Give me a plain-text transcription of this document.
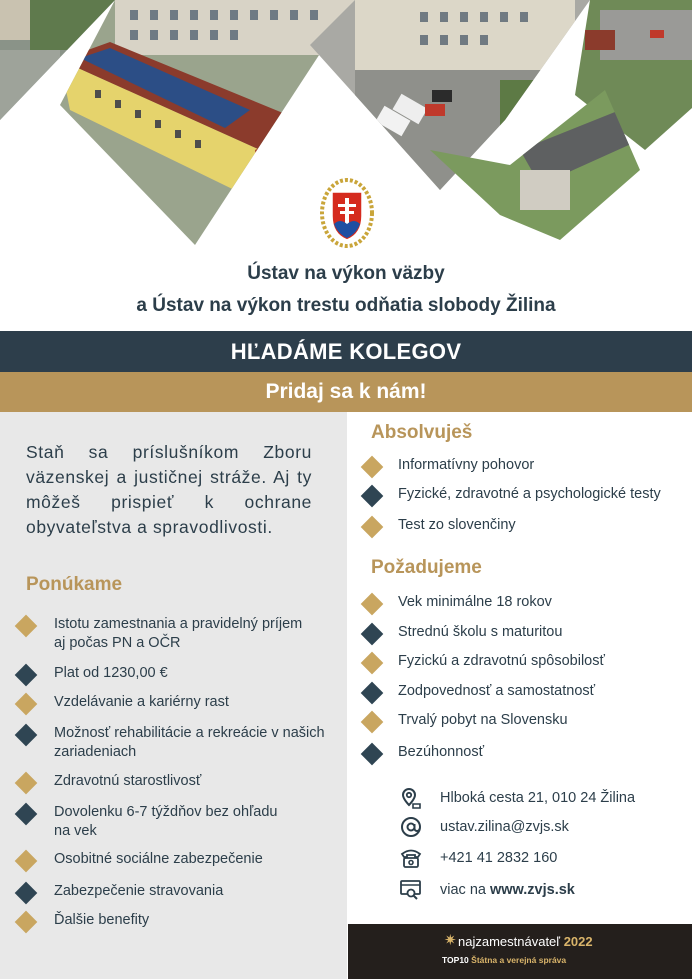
Ústav na výkon väzby
a Ústav na výkon trestu odňatia slobody Žilina
HĽADÁME KOLEGOV
Pridaj sa k nám!

Staň sa príslušníkom Zboru väzenskej a justičnej stráže. Aj ty môžeš prispieť k ochrane obyvateľstva a spravodlivosti.

Ponúkame
Istotu zamestnania a pravidelný príjem
aj počas PN a OČR
Plat od 1230,00 €
Vzdelávanie a kariérny rast
Možnosť rehabilitácie a rekreácie v našich
zariadeniach
Zdravotnú starostlivosť
Dovolenku 6-7 týždňov bez ohľadu
na vek
Osobitné sociálne zabezpečenie
Zabezpečenie stravovania
Ďalšie benefity
Absolvuješ
Informatívny pohovor
Fyzické, zdravotné a psychologické testy
Test zo slovenčiny
Požadujeme
Vek minimálne 18 rokov
Strednú školu s maturitou
Fyzickú a zdravotnú spôsobilosť
Zodpovednosť a samostatnosť
Trvalý pobyt na Slovensku
Bezúhonnosť
Hlboká cesta 21, 010 24 Žilina
ustav.zilina@zvjs.sk
+421 41 2832 160
viac na www.zvjs.sk
✷ najzamestnávateľ 2022
TOP10 Štátna a verejná správa
